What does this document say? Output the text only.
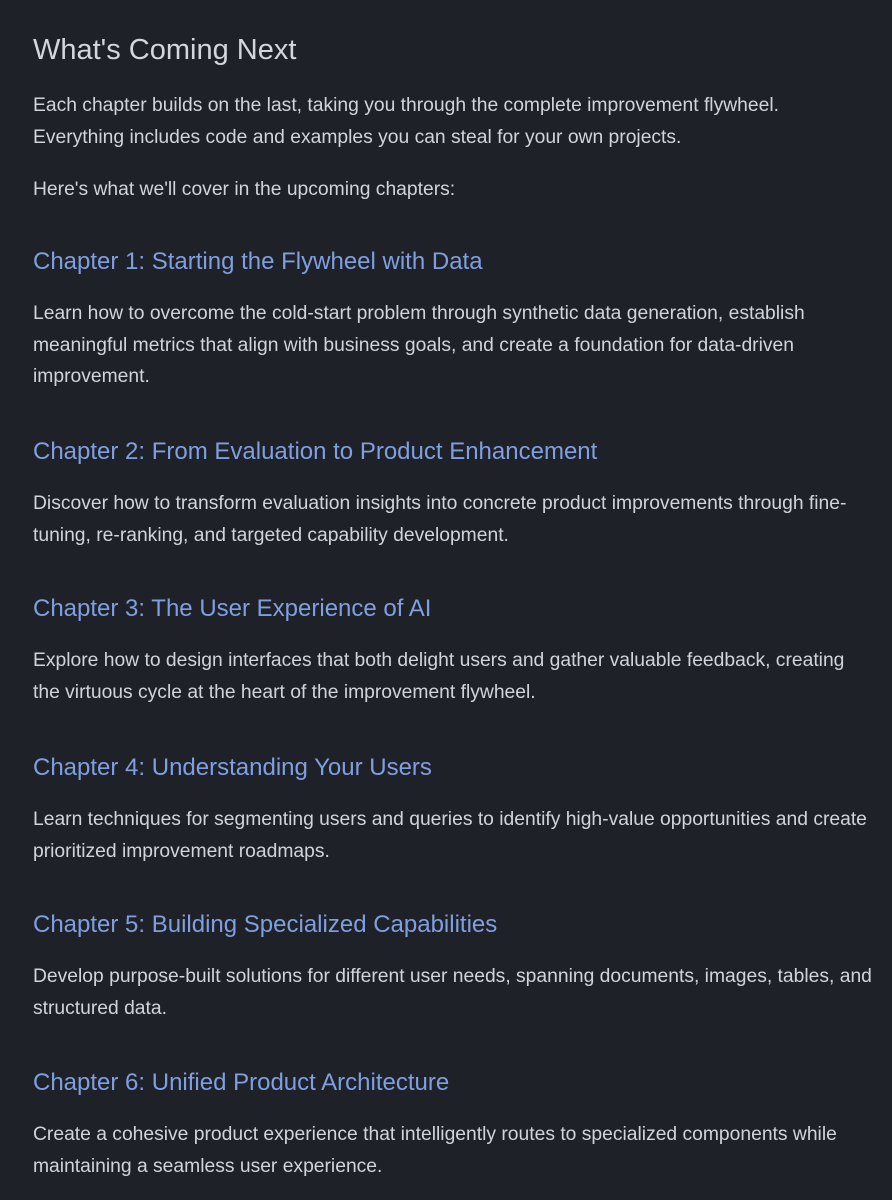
What's Coming Next

Each chapter builds on the last, taking you through the complete improvement flywheel. Everything includes code and examples you can steal for your own projects.

Here's what we'll cover in the upcoming chapters:

Chapter 1: Starting the Flywheel with Data

Learn how to overcome the cold-start problem through synthetic data generation, establish meaningful metrics that align with business goals, and create a foundation for data-driven improvement.

Chapter 2: From Evaluation to Product Enhancement

Discover how to transform evaluation insights into concrete product improvements through fine-tuning, re-ranking, and targeted capability development.

Chapter 3: The User Experience of AI

Explore how to design interfaces that both delight users and gather valuable feedback, creating the virtuous cycle at the heart of the improvement flywheel.

Chapter 4: Understanding Your Users

Learn techniques for segmenting users and queries to identify high-value opportunities and create prioritized improvement roadmaps.

Chapter 5: Building Specialized Capabilities

Develop purpose-built solutions for different user needs, spanning documents, images, tables, and structured data.

Chapter 6: Unified Product Architecture

Create a cohesive product experience that intelligently routes to specialized components while maintaining a seamless user experience.
